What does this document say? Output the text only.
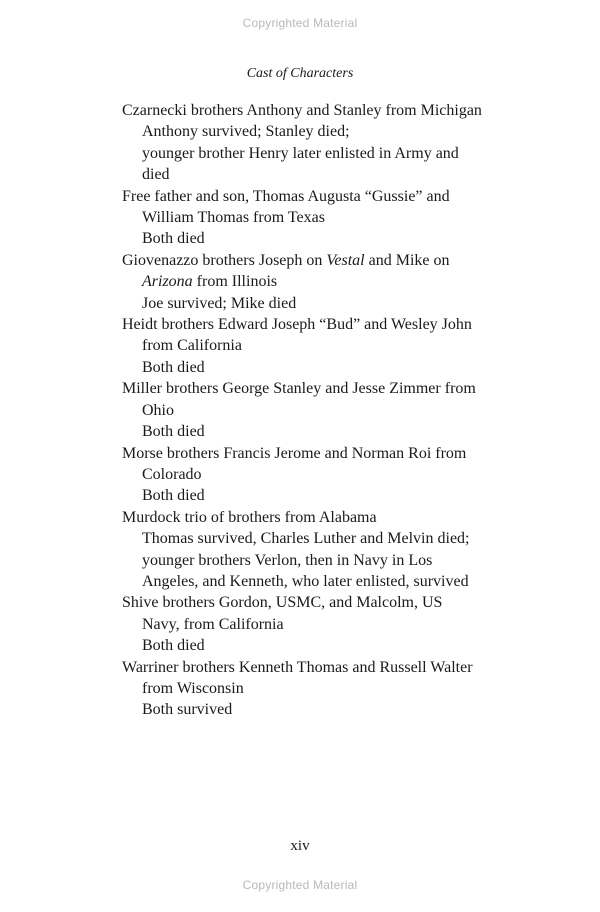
Copyrighted Material
Cast of Characters
Czarnecki brothers Anthony and Stanley from Michigan
Anthony survived; Stanley died;
younger brother Henry later enlisted in Army and died
Free father and son, Thomas Augusta “Gussie” and William Thomas from Texas
Both died
Giovenazzo brothers Joseph on Vestal and Mike on Arizona from Illinois
Joe survived; Mike died
Heidt brothers Edward Joseph “Bud” and Wesley John from California
Both died
Miller brothers George Stanley and Jesse Zimmer from Ohio
Both died
Morse brothers Francis Jerome and Norman Roi from Colorado
Both died
Murdock trio of brothers from Alabama
Thomas survived, Charles Luther and Melvin died;
younger brothers Verlon, then in Navy in Los Angeles, and Kenneth, who later enlisted, survived
Shive brothers Gordon, USMC, and Malcolm, US Navy, from California
Both died
Warriner brothers Kenneth Thomas and Russell Walter from Wisconsin
Both survived
xiv
Copyrighted Material
